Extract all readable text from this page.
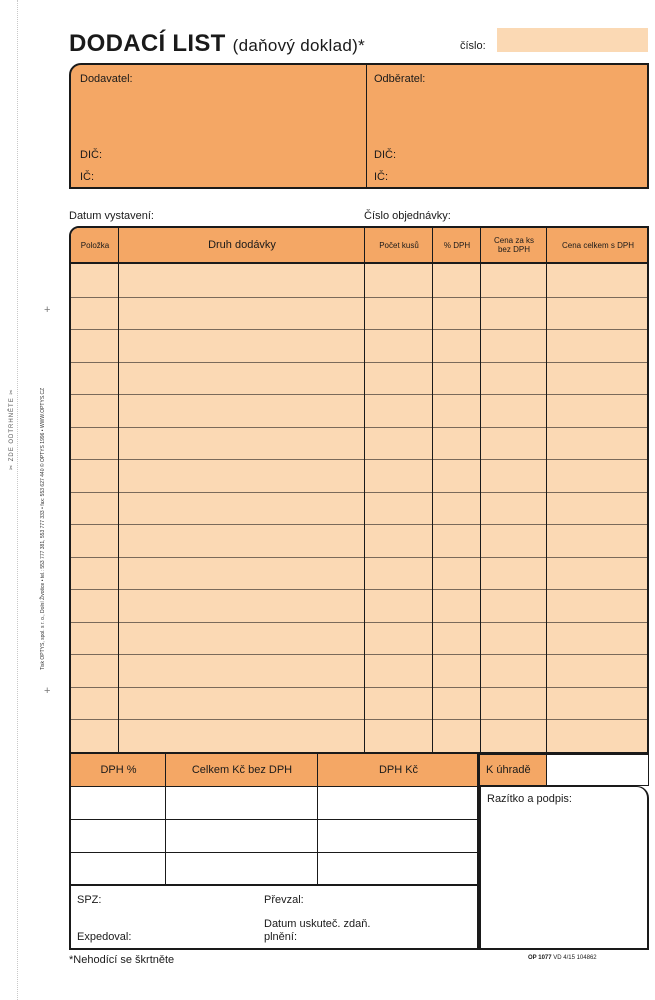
✂ ZDE ODTRHNĚTE ✂	Tisk OPTYS, spol. s r. o., Dolní Životice • tel.: 553 777 381, 553 777 333 • fax: 553 627 440 © OPTYS 1996 • WWW.OPTYS.CZ
+
+
DODACÍ LIST (daňový doklad)*	číslo:
Dodavatel:
DIČ:
IČ:
Odběratel:
DIČ:
IČ:
Datum vystavení:	Číslo objednávky:
Položka	Druh dodávky	Počet kusů	% DPH	Cena za ks bez DPH	Cena celkem s DPH
DPH %	Celkem Kč bez DPH	DPH Kč	K úhradě
Razítko a podpis:
SPZ:
Expedoval:
Převzal:
Datum uskuteč. zdaň. plnění:
*Nehodící se škrtněte	OP 1077 VD 4/15 104862
